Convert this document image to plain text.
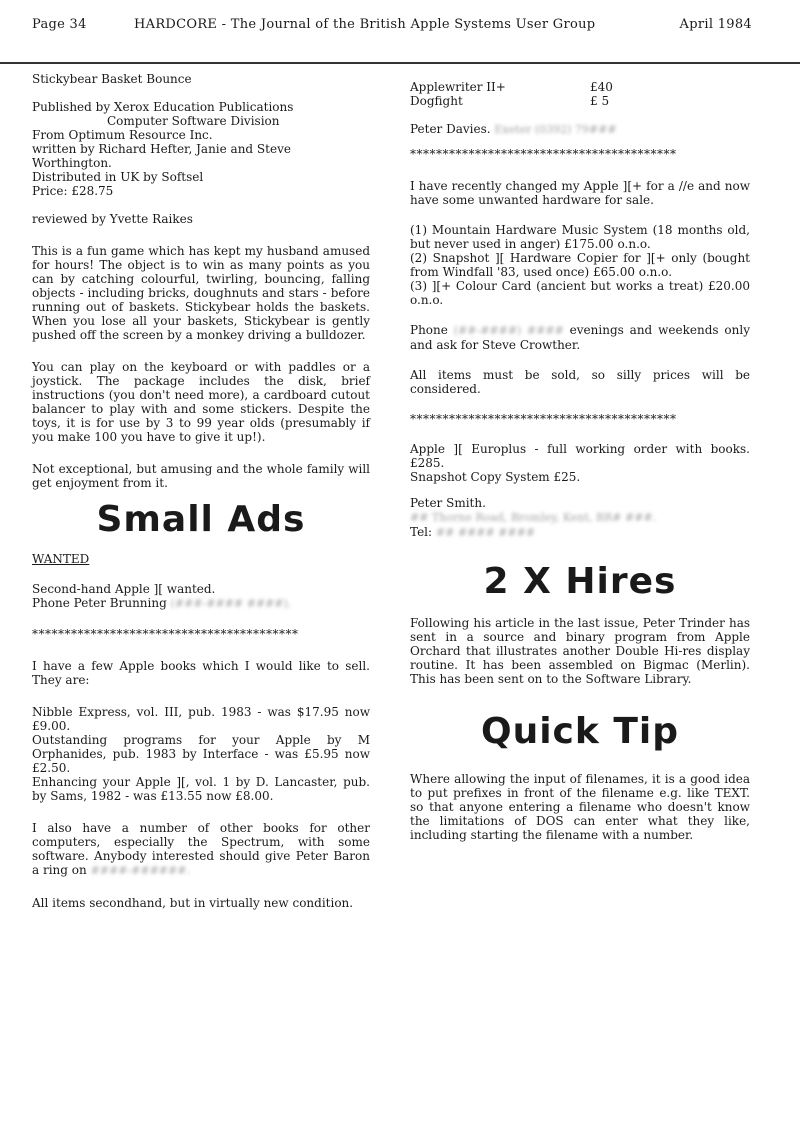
Page 34	HARDCORE - The Journal of the British Apple Systems User Group	April 1984

Stickybear Basket Bounce

Published by Xerox Education Publications

Computer Software Division

From Optimum Resource Inc.

written by Richard Hefter, Janie and Steve

Worthington.

Distributed in UK by Softsel

Price: £28.75

reviewed by Yvette Raikes

This is a fun game which has kept my husband amused for hours! The object is to win as many points as you can by catching colourful, twirling, bouncing, falling objects - including bricks, doughnuts and stars - before running out of baskets. Stickybear holds the baskets. When you lose all your baskets, Stickybear is gently pushed off the screen by a monkey driving a bulldozer.

You can play on the keyboard or with paddles or a joystick. The package includes the disk, brief instructions (you don't need more), a cardboard cutout balancer to play with and some stickers. Despite the toys, it is for use by 3 to 99 year olds (presumably if you make 100 you have to give it up!).

Not exceptional, but amusing and the whole family will get enjoyment from it.

Small Ads

WANTED

Second-hand Apple ][ wanted.

Phone Peter Brunning (###-#### ####).

*****************************************

I have a few Apple books which I would like to sell. They are:

Nibble Express, vol. III, pub. 1983 - was $17.95 now £9.00.

Outstanding programs for your Apple by M Orphanides, pub. 1983 by Interface - was £5.95 now £2.50.

Enhancing your Apple ][, vol. 1 by D. Lancaster, pub. by Sams, 1982 - was £13.55 now £8.00.

I also have a number of other books for other computers, especially the Spectrum, with some software. Anybody interested should give Peter Baron a ring on ####-######.

All items secondhand, but in virtually new condition.

Applewriter II+	£40
Dogfight	£ 5

Peter Davies. Exeter (0392) 79###

*****************************************

I have recently changed my Apple ][+ for a //e and now have some unwanted hardware for sale.

(1) Mountain Hardware Music System (18 months old, but never used in anger) £175.00 o.n.o.

(2) Snapshot ][ Hardware Copier for ][+ only (bought from Windfall '83, used once) £65.00 o.n.o.

(3) ][+ Colour Card (ancient but works a treat) £20.00 o.n.o.

Phone (##-####) #### evenings and weekends only and ask for Steve Crowther.

All items must be sold, so silly prices will be considered.

*****************************************

Apple ][ Europlus - full working order with books. £285.

Snapshot Copy System £25.

Peter Smith.

## Thorne Road, Bromley, Kent, BR# ###.

Tel: ## #### ####

2 X Hires

Following his article in the last issue, Peter Trinder has sent in a source and binary program from Apple Orchard that illustrates another Double Hi-res display routine. It has been assembled on Bigmac (Merlin). This has been sent on to the Software Library.

Quick Tip

Where allowing the input of filenames, it is a good idea to put prefixes in front of the filename e.g. like TEXT. so that anyone entering a filename who doesn't know the limitations of DOS can enter what they like, including starting the filename with a number.
